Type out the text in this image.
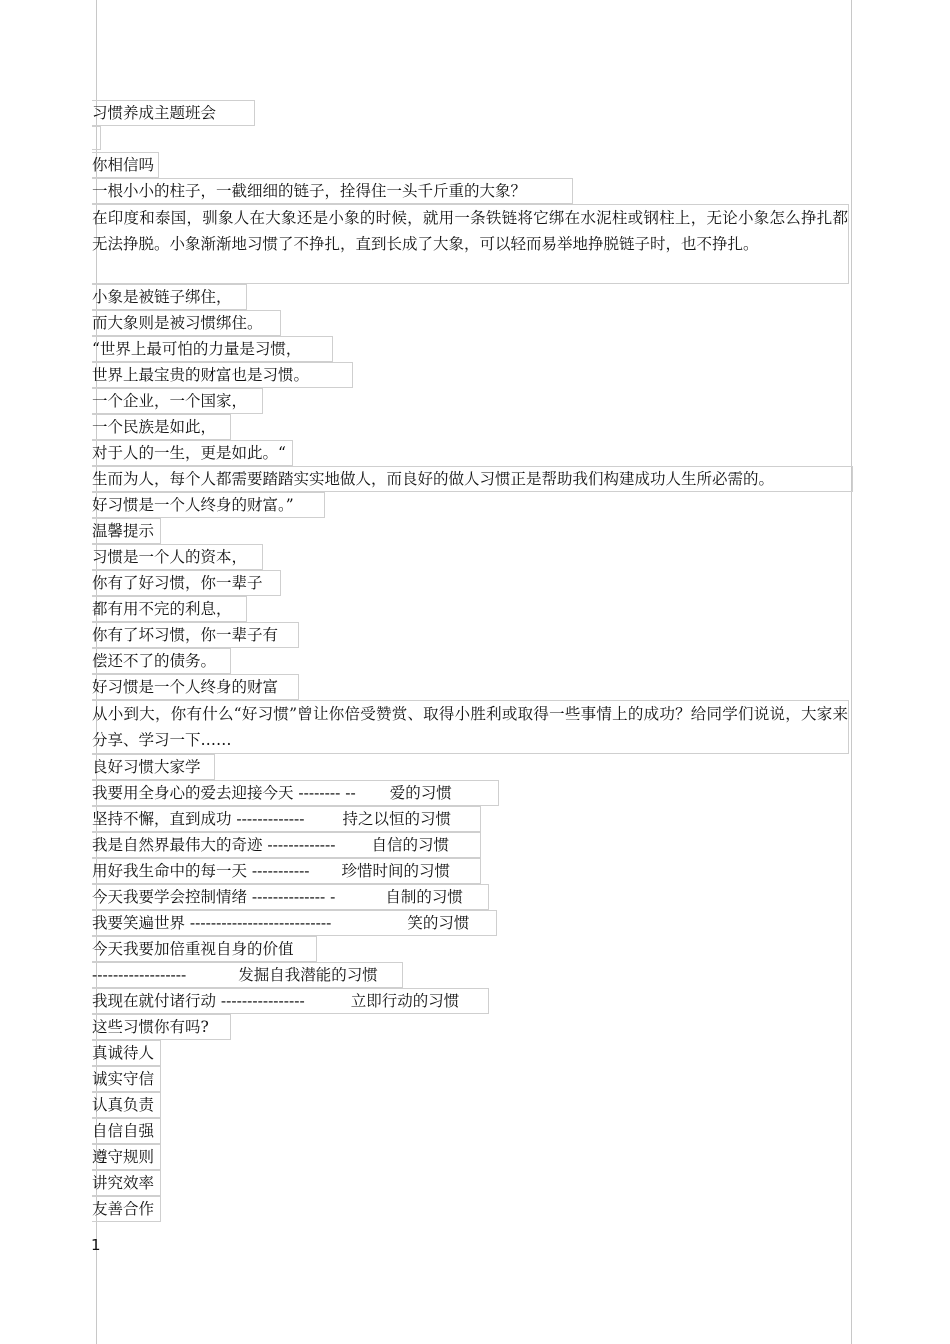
习惯养成主题班会
你相信吗
一根小小的柱子，一截细细的链子，拴得住一头千斤重的大象？
在印度和泰国，驯象人在大象还是小象的时候，就用一条铁链将它绑在水泥柱或钢柱上，无论小象怎么挣扎都无法挣脱。小象渐渐地习惯了不挣扎，直到长成了大象，可以轻而易举地挣脱链子时，也不挣扎。
小象是被链子绑住，
而大象则是被习惯绑住。
“世界上最可怕的力量是习惯，
世界上最宝贵的财富也是习惯。
一个企业，一个国家，
一个民族是如此，
对于人的一生，更是如此。“
生而为人，每个人都需要踏踏实实地做人，而良好的做人习惯正是帮助我们构建成功人生所必需的。
好习惯是一个人终身的财富。”
温馨提示
习惯是一个人的资本，
你有了好习惯，你一辈子
都有用不完的利息，
你有了坏习惯，你一辈子有
偿还不了的债务。
好习惯是一个人终身的财富
从小到大，你有什么“好习惯”曾让你倍受赞赏、取得小胜利或取得一些事情上的成功？给同学们说说，大家来分享、学习一下……
良好习惯大家学
我要用全身心的爱去迎接今天 -------- -- 爱的习惯
坚持不懈，直到成功 ------------- 持之以恒的习惯
我是自然界最伟大的奇迹 ------------- 自信的习惯
用好我生命中的每一天 ----------- 珍惜时间的习惯
今天我要学会控制情绪 -------------- -	自制的习惯
我要笑遍世界 ---------------------------	笑的习惯
今天我要加倍重视自身的价值
------------------	发掘自我潜能的习惯
我现在就付诸行动 ----------------	立即行动的习惯
这些习惯你有吗?
真诚待人
诚实守信
认真负责
自信自强
遵守规则
讲究效率
友善合作
1
